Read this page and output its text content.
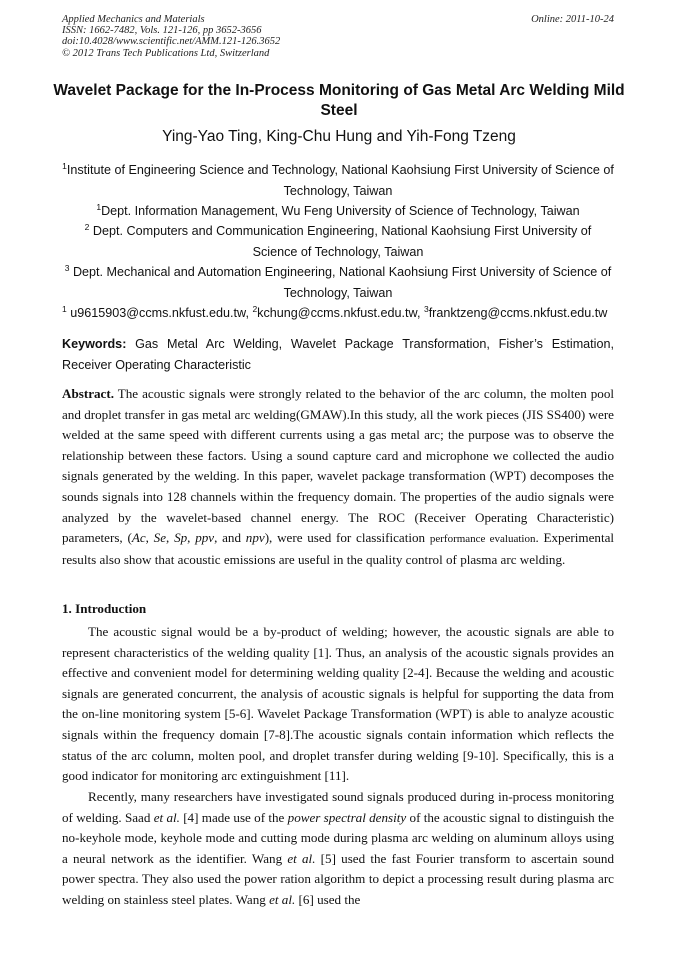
Applied Mechanics and Materials	Online: 2011-10-24
ISSN: 1662-7482, Vols. 121-126, pp 3652-3656
doi:10.4028/www.scientific.net/AMM.121-126.3652
© 2012 Trans Tech Publications Ltd, Switzerland
Wavelet Package for the In-Process Monitoring of Gas Metal Arc Welding Mild Steel
Ying-Yao Ting, King-Chu Hung and Yih-Fong Tzeng
$^1$Institute of Engineering Science and Technology, National Kaohsiung First University of Science of Technology, Taiwan
$^1$Dept. Information Management, Wu Feng University of Science of Technology, Taiwan
$^2$ Dept. Computers and Communication Engineering, National Kaohsiung First University of Science of Technology, Taiwan
$^3$ Dept. Mechanical and Automation Engineering, National Kaohsiung First University of Science of Technology, Taiwan
$^1$ u9615903@ccms.nkfust.edu.tw, $^2$kchung@ccms.nkfust.edu.tw, $^3$franktzeng@ccms.nkfust.edu.tw
Keywords: Gas Metal Arc Welding, Wavelet Package Transformation, Fisher’s Estimation, Receiver Operating Characteristic
Abstract. The acoustic signals were strongly related to the behavior of the arc column, the molten pool and droplet transfer in gas metal arc welding(GMAW).In this study, all the work pieces (JIS SS400) were welded at the same speed with different currents using a gas metal arc; the purpose was to observe the relationship between these factors. Using a sound capture card and microphone we collected the audio signals generated by the welding. In this paper, wavelet package transformation (WPT) decomposes the sounds signals into 128 channels within the frequency domain. The properties of the audio signals were analyzed by the wavelet-based channel energy. The ROC (Receiver Operating Characteristic) parameters, (Ac, Se, Sp, ppv, and npv), were used for classification performance evaluation. Experimental results also show that acoustic emissions are useful in the quality control of plasma arc welding.
1. Introduction
The acoustic signal would be a by-product of welding; however, the acoustic signals are able to represent characteristics of the welding quality [1]. Thus, an analysis of the acoustic signals provides an effective and convenient model for determining welding quality [2-4]. Because the welding and acoustic signals are generated concurrent, the analysis of acoustic signals is helpful for supporting the data from the on-line monitoring system [5-6]. Wavelet Package Transformation (WPT) is able to analyze acoustic signals within the frequency domain [7-8].The acoustic signals contain information which reflects the status of the arc column, molten pool, and droplet transfer during welding [9-10]. Specifically, this is a good indicator for monitoring arc extinguishment [11].
Recently, many researchers have investigated sound signals produced during in-process monitoring of welding. Saad et al. [4] made use of the power spectral density of the acoustic signal to distinguish the no-keyhole mode, keyhole mode and cutting mode during plasma arc welding on aluminum alloys using a neural network as the identifier. Wang et al. [5] used the fast Fourier transform to ascertain sound power spectra. They also used the power ration algorithm to depict a processing result during plasma arc welding on stainless steel plates. Wang et al. [6] used the
